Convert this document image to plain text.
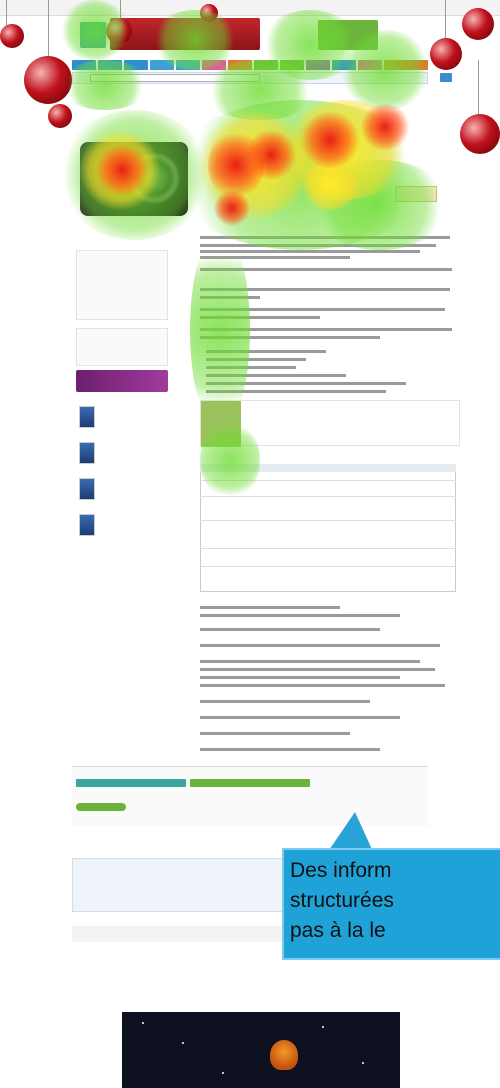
Des inform
structurées
pas à la le
